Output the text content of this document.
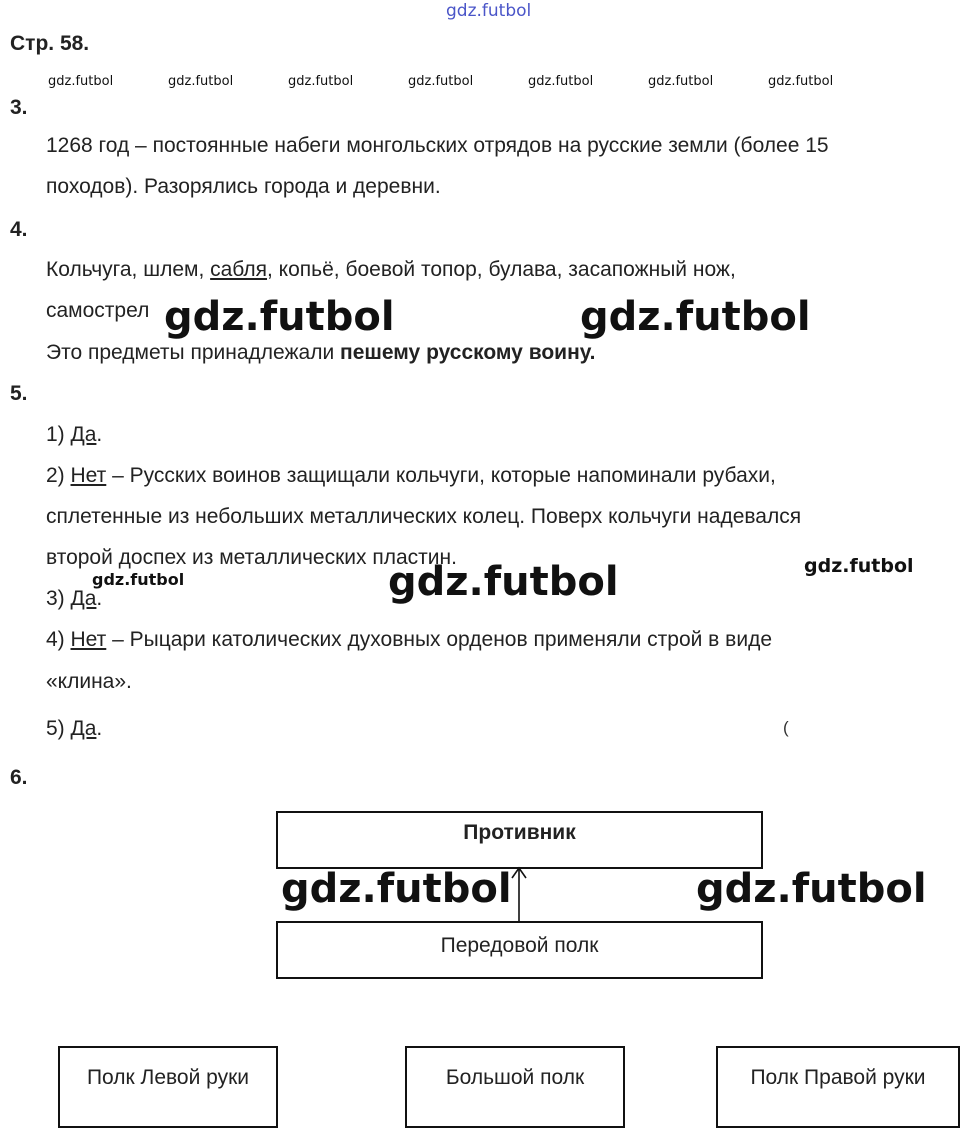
gdz.futbol
Стр. 58.
gdz.futbol	gdz.futbol	gdz.futbol	gdz.futbol	gdz.futbol	gdz.futbol	gdz.futbol
3.
1268 год – постоянные набеги монгольских отрядов на русские земли (более 15
походов). Разорялись города и деревни.
4.
Кольчуга, шлем, сабля, копьё, боевой топор, булава, засапожный нож,
самострел
Это предметы принадлежали пешему русскому воину.
gdz.futbol	gdz.futbol
5.
1) Да.
2) Нет – Русских воинов защищали кольчуги, которые напоминали рубахи,
сплетенные из небольших металлических колец. Поверх кольчуги надевался
второй доспех из металлических пластин.
gdz.futbol
gdz.futbol
gdz.futbol
3) Да.
4) Нет – Рыцари католических духовных орденов применяли строй в виде
«клина».
5) Да.	(
6.
Противник
gdz.futbol	gdz.futbol
Передовой полк
Полк Левой руки	Большой полк	Полк Правой руки
